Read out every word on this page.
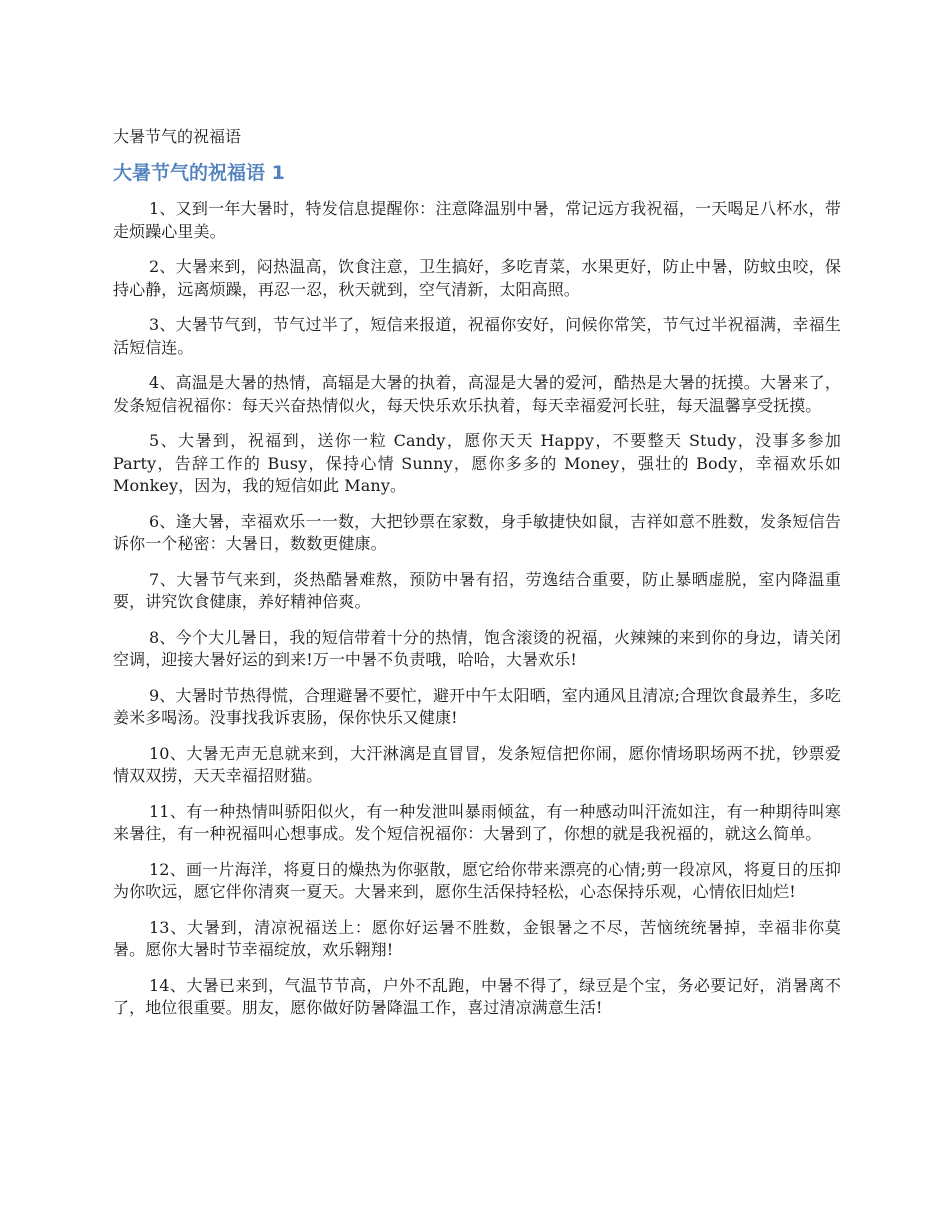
大暑节气的祝福语
大暑节气的祝福语 1

1、又到一年大暑时，特发信息提醒你：注意降温别中暑，常记远方我祝福，一天喝足八杯水，带走烦躁心里美。

2、大暑来到，闷热温高，饮食注意，卫生搞好，多吃青菜，水果更好，防止中暑，防蚊虫咬，保持心静，远离烦躁，再忍一忍，秋天就到，空气清新，太阳高照。

3、大暑节气到，节气过半了，短信来报道，祝福你安好，问候你常笑，节气过半祝福满，幸福生活短信连。

4、高温是大暑的热情，高辐是大暑的执着，高湿是大暑的爱河，酷热是大暑的抚摸。大暑来了，发条短信祝福你：每天兴奋热情似火，每天快乐欢乐执着，每天幸福爱河长驻，每天温馨享受抚摸。

5、大暑到，祝福到，送你一粒 Candy，愿你天天 Happy，不要整天 Study，没事多参加 Party，告辞工作的 Busy，保持心情 Sunny，愿你多多的 Money，强壮的 Body，幸福欢乐如 Monkey，因为，我的短信如此 Many。

6、逢大暑，幸福欢乐一一数，大把钞票在家数，身手敏捷快如鼠，吉祥如意不胜数，发条短信告诉你一个秘密：大暑日，数数更健康。

7、大暑节气来到，炎热酷暑难熬，预防中暑有招，劳逸结合重要，防止暴晒虚脱，室内降温重要，讲究饮食健康，养好精神倍爽。

8、今个大儿暑日，我的短信带着十分的热情，饱含滚烫的祝福，火辣辣的来到你的身边，请关闭空调，迎接大暑好运的到来!万一中暑不负责哦，哈哈，大暑欢乐!

9、大暑时节热得慌，合理避暑不要忙，避开中午太阳晒，室内通风且清凉;合理饮食最养生，多吃姜米多喝汤。没事找我诉衷肠，保你快乐又健康!

10、大暑无声无息就来到，大汗淋漓是直冒冒，发条短信把你闹，愿你情场职场两不扰，钞票爱情双双捞，天天幸福招财猫。

11、有一种热情叫骄阳似火，有一种发泄叫暴雨倾盆，有一种感动叫汗流如注，有一种期待叫寒来暑往，有一种祝福叫心想事成。发个短信祝福你：大暑到了，你想的就是我祝福的，就这么简单。

12、画一片海洋，将夏日的燥热为你驱散，愿它给你带来漂亮的心情;剪一段凉风，将夏日的压抑为你吹远，愿它伴你清爽一夏天。大暑来到，愿你生活保持轻松，心态保持乐观，心情依旧灿烂!

13、大暑到，清凉祝福送上：愿你好运暑不胜数，金银暑之不尽，苦恼统统暑掉，幸福非你莫暑。愿你大暑时节幸福绽放，欢乐翱翔!

14、大暑已来到，气温节节高，户外不乱跑，中暑不得了，绿豆是个宝，务必要记好，消暑离不了，地位很重要。朋友，愿你做好防暑降温工作，喜过清凉满意生活!
